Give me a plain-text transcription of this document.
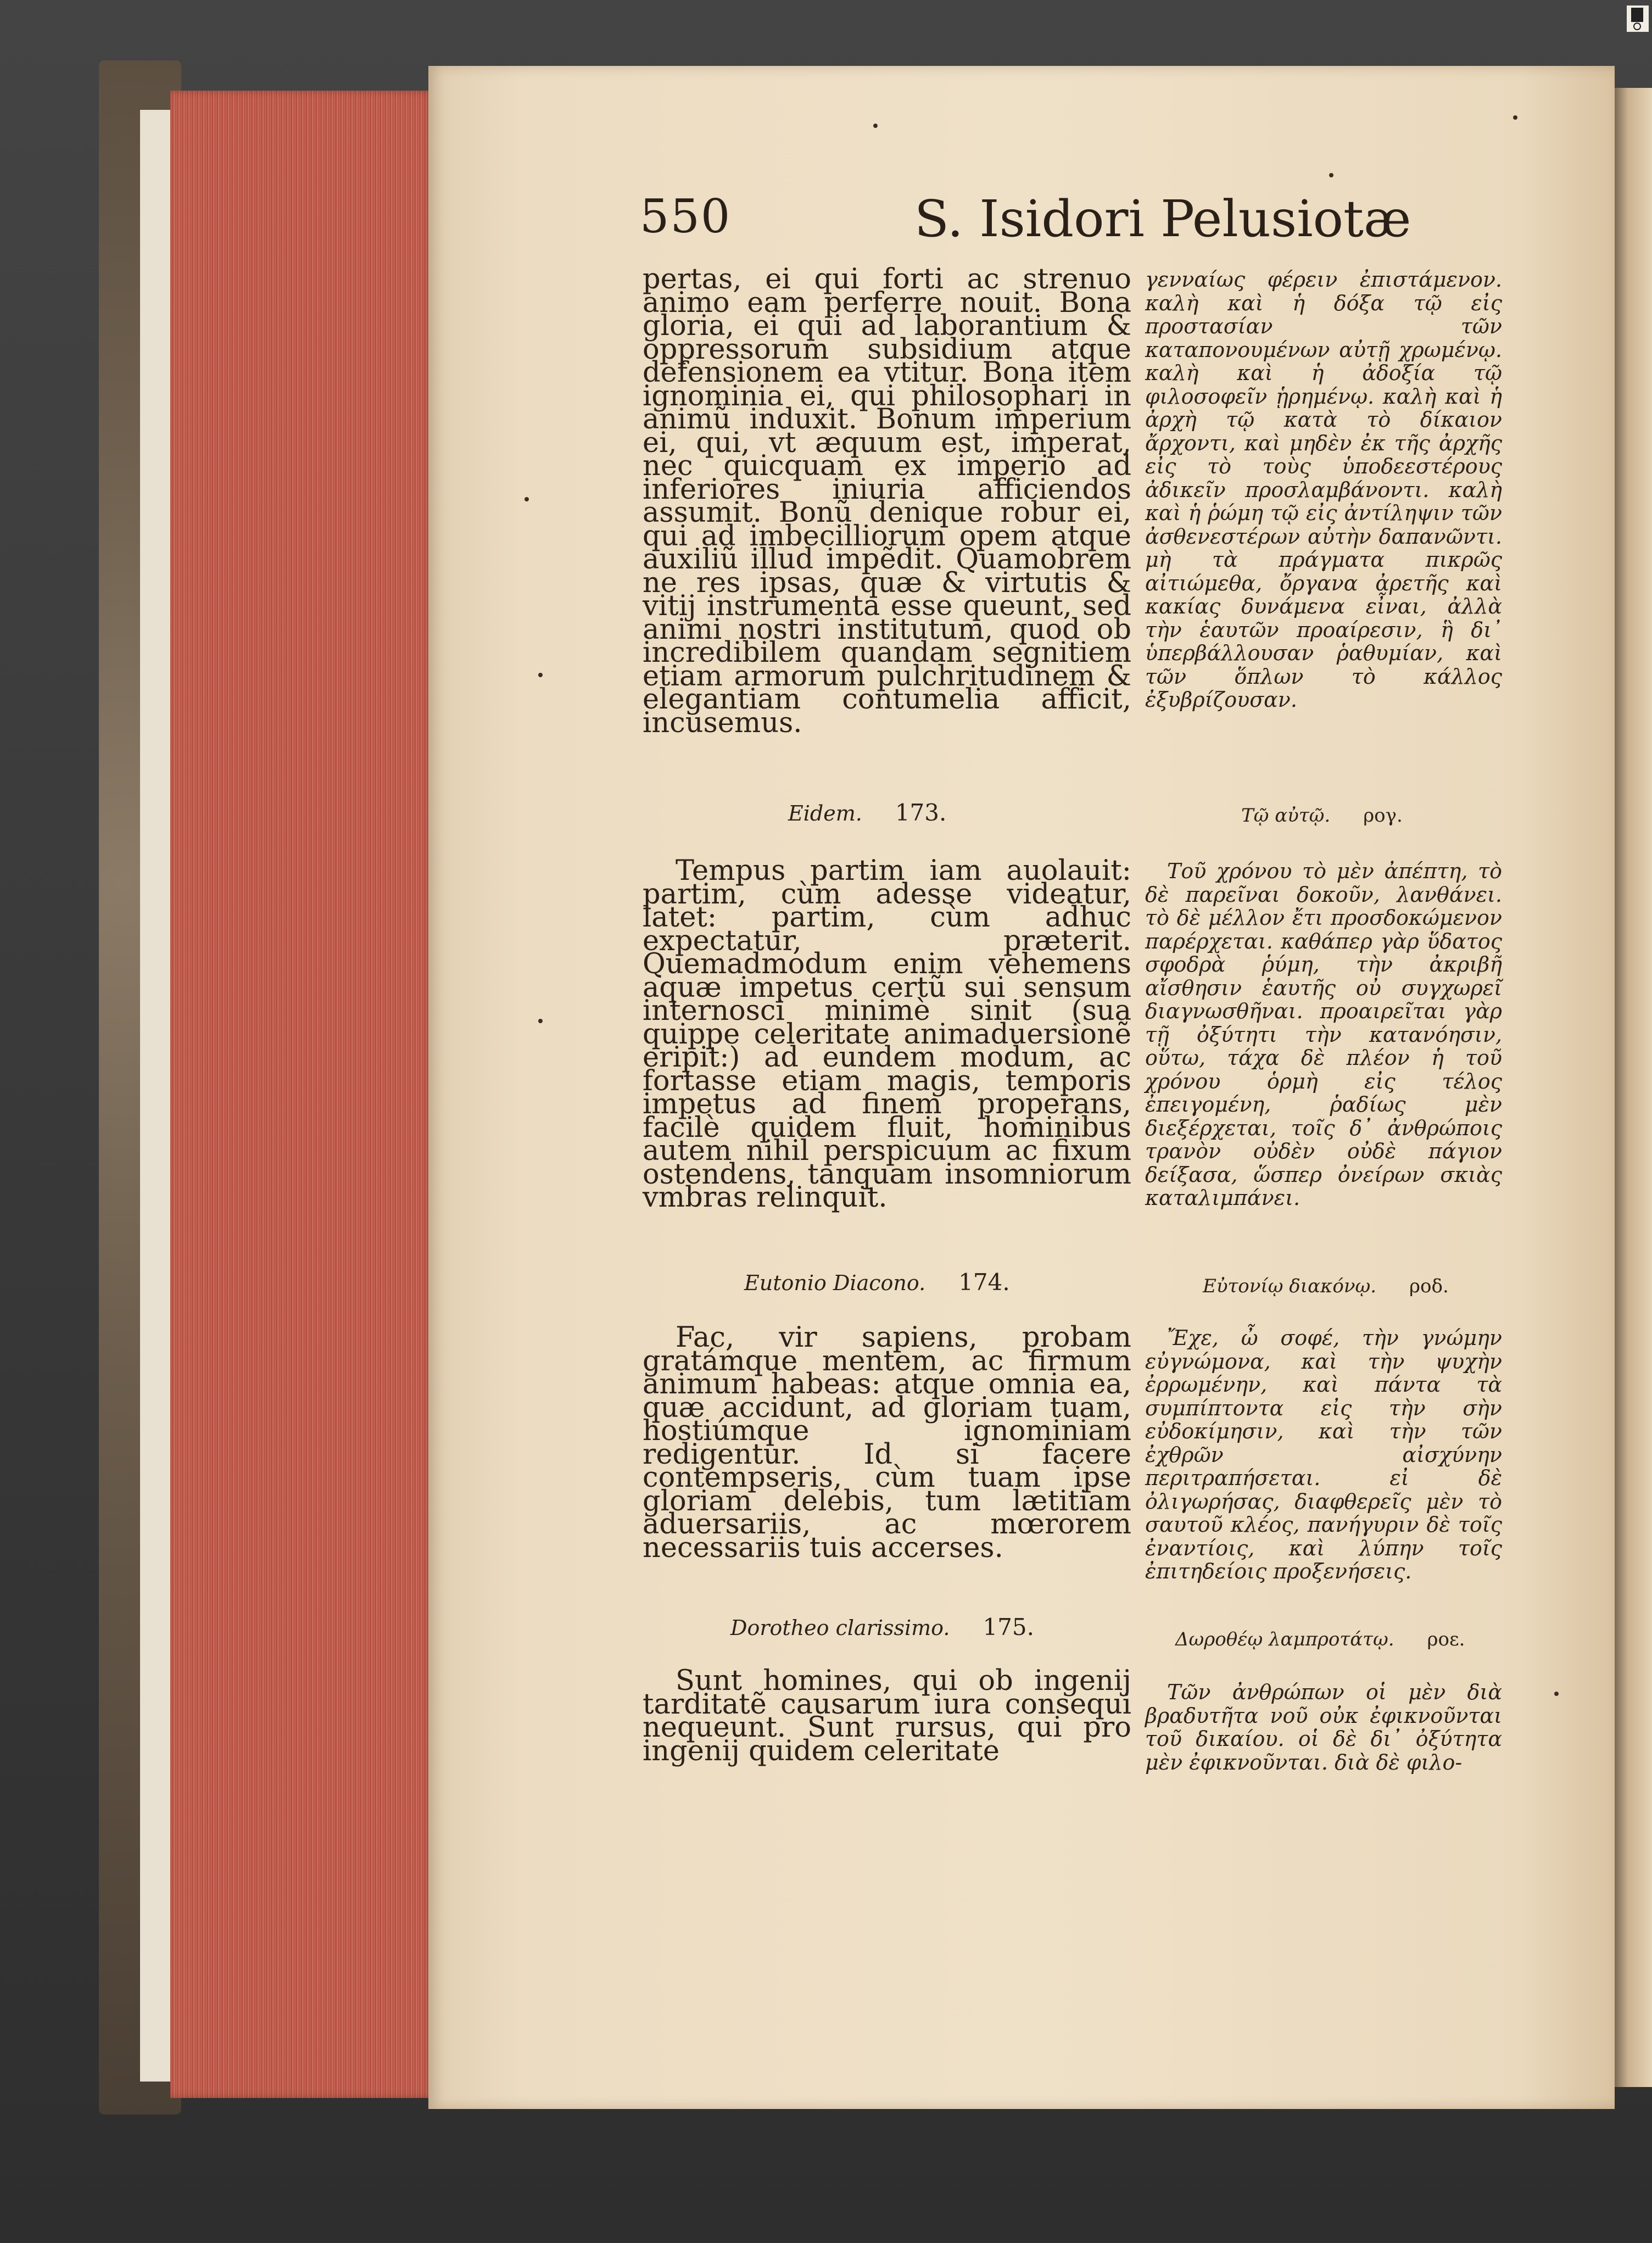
550	S. Isidori Pelusiotæ

pertas, ei qui forti ac strenuo animo eam perferre nouit. Bona gloria, ei qui ad laborantium & oppressorum subsidium atque defensionem ea vtitur. Bona item ignominia ei, qui philosophari in animũ induxit. Bonum imperium ei, qui, vt æquum est, imperat, nec quicquam ex imperio ad inferiores iniuria afficiendos assumit. Bonũ denique robur ei, qui ad imbecilliorum opem atque auxiliũ illud impẽdit. Quamobrem ne res ipsas, quæ & virtutis & vitij instrumenta esse queunt, sed animi nostri institutum, quod ob incredibilem quandam segnitiem etiam armorum pulchritudinem & elegantiam contumelia afficit, incusemus.

Eidem. 173.

Tempus partim iam auolauit: partim, cùm adesse videatur, latet: partim, cùm adhuc expectatur, præterit. Quemadmodum enim vehemens aquæ impetus certũ sui sensum internosci minimè sinit (sua quippe celeritate animaduersionẽ eripit:) ad eundem modum, ac fortasse etiam magis, temporis impetus ad finem properans, facilè quidem fluit, hominibus autem nihil perspicuum ac fixum ostendens, tanquam insomniorum vmbras relinquit.

Eutonio Diacono. 174.

Fac, vir sapiens, probam gratámque mentem, ac firmum animum habeas: atque omnia ea, quæ accidunt, ad gloriam tuam, hostiúmque ignominiam redigentur. Id si facere contempseris, cùm tuam ipse gloriam delebis, tum lætitiam aduersariis, ac mœrorem necessariis tuis accerses.

Dorotheo clarissimo. 175.

Sunt homines, qui ob ingenij tarditatẽ causarum iura consequi nequeunt. Sunt rursus, qui pro ingenij quidem celeritate

γενναίως φέρειν ἐπιστάμενον. καλὴ καὶ ἡ δόξα τῷ εἰς προστασίαν τῶν καταπονουμένων αὐτῇ χρωμένῳ. καλὴ καὶ ἡ ἀδοξία τῷ φιλοσοφεῖν ᾑρημένῳ. καλὴ καὶ ἡ ἀρχὴ τῷ κατὰ τὸ δίκαιον ἄρχοντι, καὶ μηδὲν ἐκ τῆς ἀρχῆς εἰς τὸ τοὺς ὑποδεεστέρους ἀδικεῖν προσλαμβάνοντι. καλὴ καὶ ἡ ῥώμη τῷ εἰς ἀντίληψιν τῶν ἀσθενεστέρων αὐτὴν δαπανῶντι. μὴ τὰ πράγματα πικρῶς αἰτιώμεθα, ὄργανα ἀρετῆς καὶ κακίας δυνάμενα εἶναι, ἀλλὰ τὴν ἑαυτῶν προαίρεσιν, ἣ δι᾽ ὑπερβάλλουσαν ῥαθυμίαν, καὶ τῶν ὅπλων τὸ κάλλος ἐξυβρίζουσαν.

Τῷ αὐτῷ. ρογ.

Τοῦ χρόνου τὸ μὲν ἀπέπτη, τὸ δὲ παρεῖναι δοκοῦν, λανθάνει. τὸ δὲ μέλλον ἔτι προσδοκώμενον παρέρχεται. καθάπερ γὰρ ὕδατος σφοδρὰ ῥύμη, τὴν ἀκριβῆ αἴσθησιν ἑαυτῆς οὐ συγχωρεῖ διαγνωσθῆναι. προαιρεῖται γὰρ τῇ ὀξύτητι τὴν κατανόησιν, οὕτω, τάχα δὲ πλέον ἡ τοῦ χρόνου ὁρμὴ εἰς τέλος ἐπειγομένη, ῥαδίως μὲν διεξέρχεται, τοῖς δ᾽ ἀνθρώποις τρανὸν οὐδὲν οὐδὲ πάγιον δείξασα, ὥσπερ ὀνείρων σκιὰς καταλιμπάνει.

Εὐτονίῳ διακόνῳ. ροδ.

Ἔχε, ὦ σοφέ, τὴν γνώμην εὐγνώμονα, καὶ τὴν ψυχὴν ἐρρωμένην, καὶ πάντα τὰ συμπίπτοντα εἰς τὴν σὴν εὐδοκίμησιν, καὶ τὴν τῶν ἐχθρῶν αἰσχύνην περιτραπήσεται. εἰ δὲ ὀλιγωρήσας, διαφθερεῖς μὲν τὸ σαυτοῦ κλέος, πανήγυριν δὲ τοῖς ἐναντίοις, καὶ λύπην τοῖς ἐπιτηδείοις προξενήσεις.

Δωροθέῳ λαμπροτάτῳ. ροε.

Τῶν ἀνθρώπων οἱ μὲν διὰ βραδυτῆτα νοῦ οὐκ ἐφικνοῦνται τοῦ δικαίου. οἱ δὲ δι᾽ ὀξύτητα μὲν ἐφικνοῦνται. διὰ δὲ φιλο-
